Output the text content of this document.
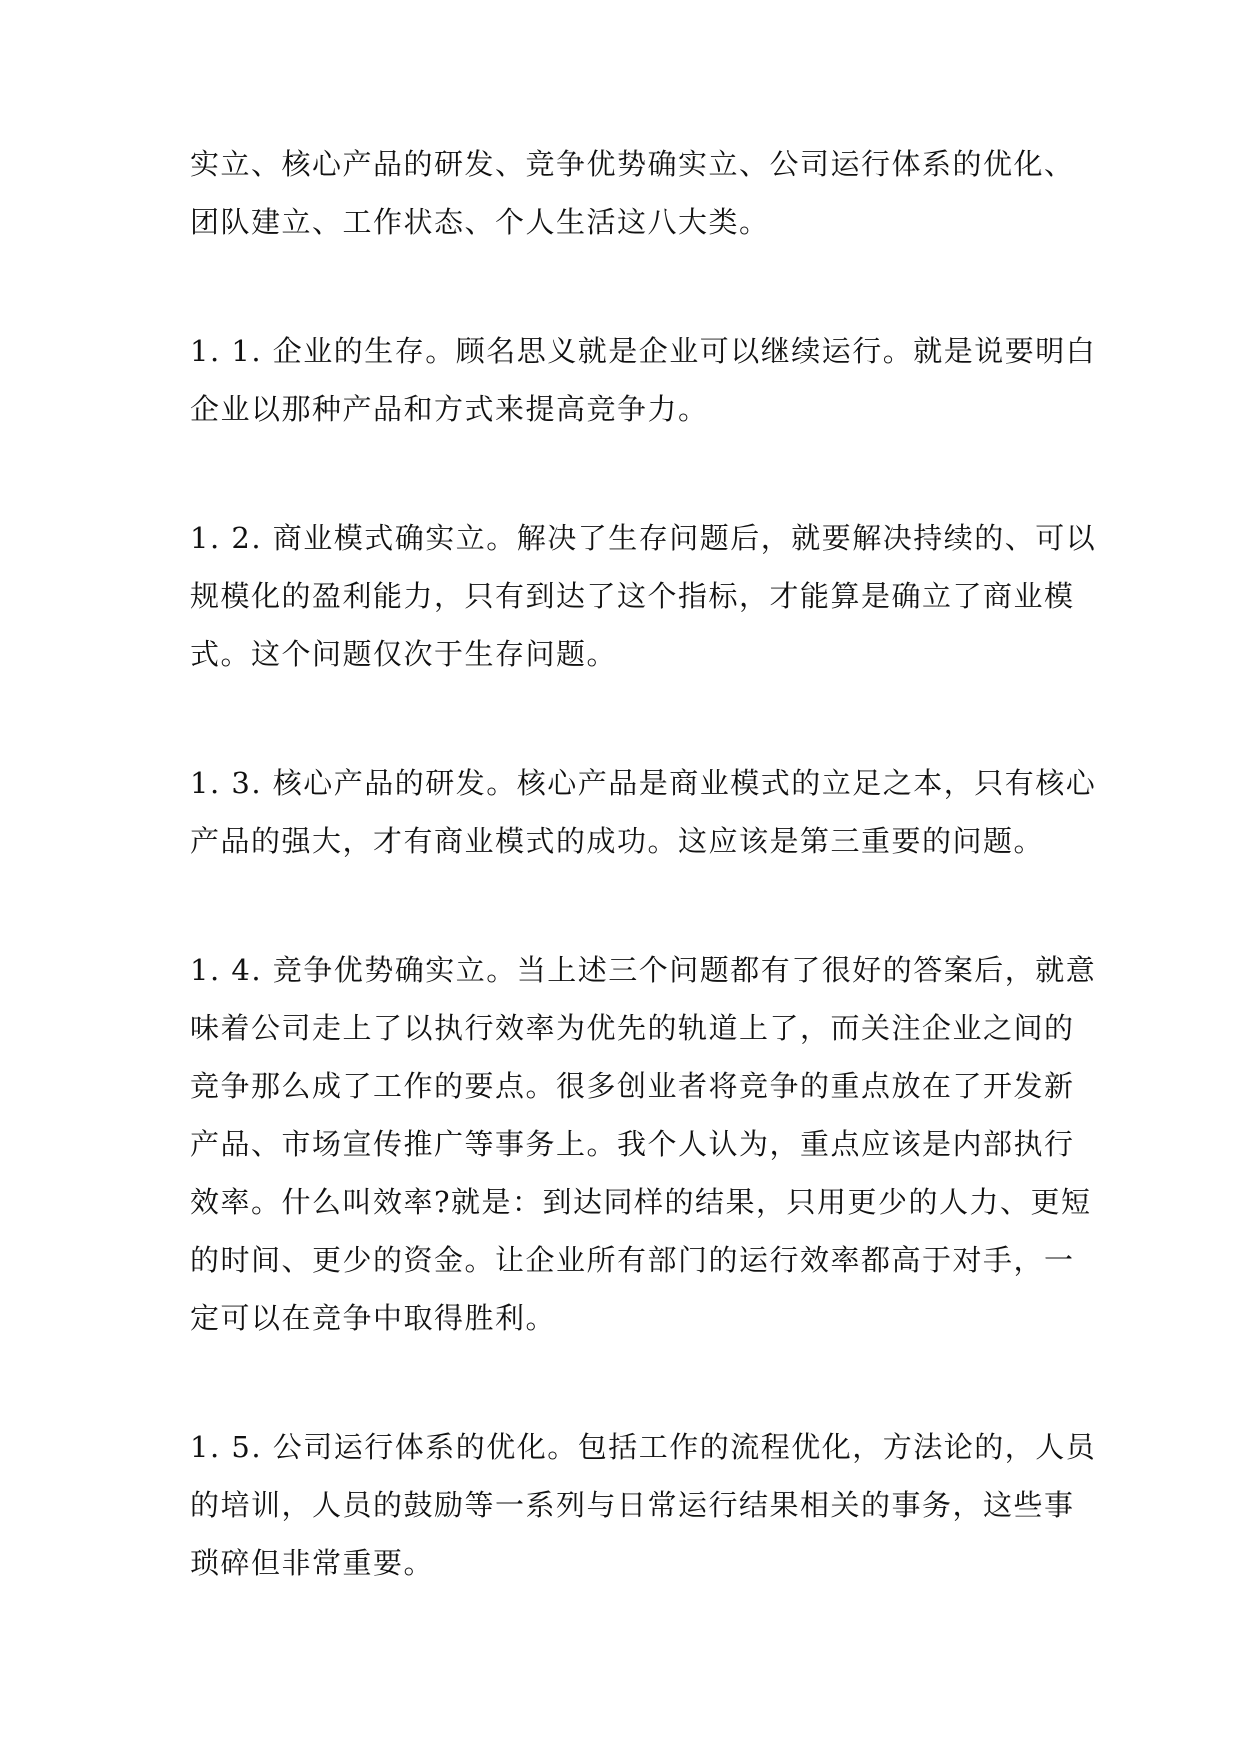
实立、核心产品的研发、竞争优势确实立、公司运行体系的优化、
团队建立、工作状态、个人生活这八大类。

1. 1. 企业的生存。顾名思义就是企业可以继续运行。就是说要明白
企业以那种产品和方式来提高竞争力。

1. 2. 商业模式确实立。解决了生存问题后，就要解决持续的、可以
规模化的盈利能力，只有到达了这个指标，才能算是确立了商业模
式。这个问题仅次于生存问题。

1. 3. 核心产品的研发。核心产品是商业模式的立足之本，只有核心
产品的强大，才有商业模式的成功。这应该是第三重要的问题。

1. 4. 竞争优势确实立。当上述三个问题都有了很好的答案后，就意
味着公司走上了以执行效率为优先的轨道上了，而关注企业之间的
竞争那么成了工作的要点。很多创业者将竞争的重点放在了开发新
产品、市场宣传推广等事务上。我个人认为，重点应该是内部执行
效率。什么叫效率?就是：到达同样的结果，只用更少的人力、更短
的时间、更少的资金。让企业所有部门的运行效率都高于对手，一
定可以在竞争中取得胜利。

1. 5. 公司运行体系的优化。包括工作的流程优化，方法论的，人员
的培训，人员的鼓励等一系列与日常运行结果相关的事务，这些事
琐碎但非常重要。
